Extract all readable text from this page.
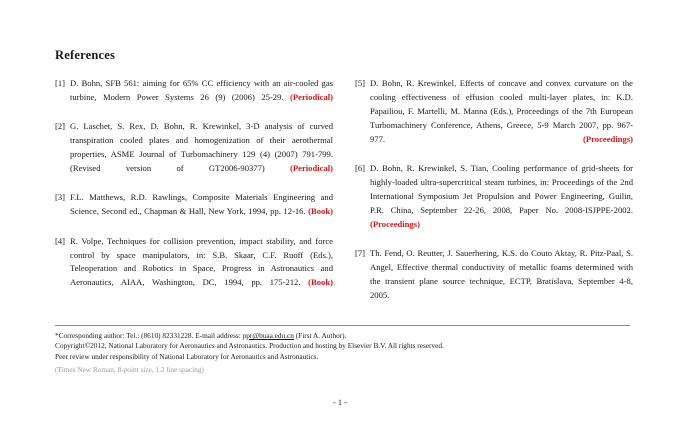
References
[1] D. Bohn, SFB 561: aiming for 65% CC efficiency with an air-cooled gas turbine, Modern Power Systems 26 (9) (2006) 25-29. (Periodical)
[2] G. Laschet, S. Rex, D. Bohn, R. Krewinkel, 3-D analysis of curved transpiration cooled plates and homogenization of their aerothermal properties, ASME Journal of Turbomachinery 129 (4) (2007) 791-799. (Revised version of GT2006-90377) (Periodical)
[3] F.L. Matthews, R.D. Rawlings, Composite Materials Engineering and Science, Second ed., Chapman & Hall, New York, 1994, pp. 12-16. (Book)
[4] R. Volpe, Techniques for collision prevention, impact stability, and force control by space manipulators, in: S.B. Skaar, C.F. Ruoff (Eds.), Teleoperation and Robotics in Space, Progress in Astronautics and Aeronautics, AIAA, Washington, DC, 1994, pp. 175-212. (Book)
[5] D. Bohn, R. Krewinkel, Effects of concave and convex curvature on the cooling effectiveness of effusion cooled multi-layer plates, in: K.D. Papailiou, F. Martelli, M. Manna (Eds.), Proceedings of the 7th European Turbomachinery Conference, Athens, Greece, 5-9 March 2007, pp. 967-977. (Proceedings)
[6] D. Bohn, R. Krewinkel, S. Tian, Cooling performance of grid-sheets for highly-loaded ultra-supercritical steam turbines, in: Proceedings of the 2nd International Symposium Jet Propulsion and Power Engineering, Guilin, P.R. China, September 22-26, 2008, Paper No. 2008-ISJPPE-2002. (Proceedings)
[7] Th. Fend, O. Reutter, J. Sauerhering, K.S. do Couto Aktay, R. Pitz-Paal, S. Angel, Effective thermal conductivity of metallic foams determined with the transient plane source technique, ECTP, Bratislava, September 4-8, 2005.
*Corresponding author: Tel.: (8610) 82331228. E-mail address: ppr@buaa.edu.cn (First A. Author).
Copyright©2012, National Laboratory for Aeronautics and Astronautics. Production and hosting by Elsevier B.V. All rights reserved.
Peer review under responsibility of National Laboratory for Aeronautics and Astronautics.
(Times New Roman, 8-point size, 1.2 line spacing)
- 1 -
